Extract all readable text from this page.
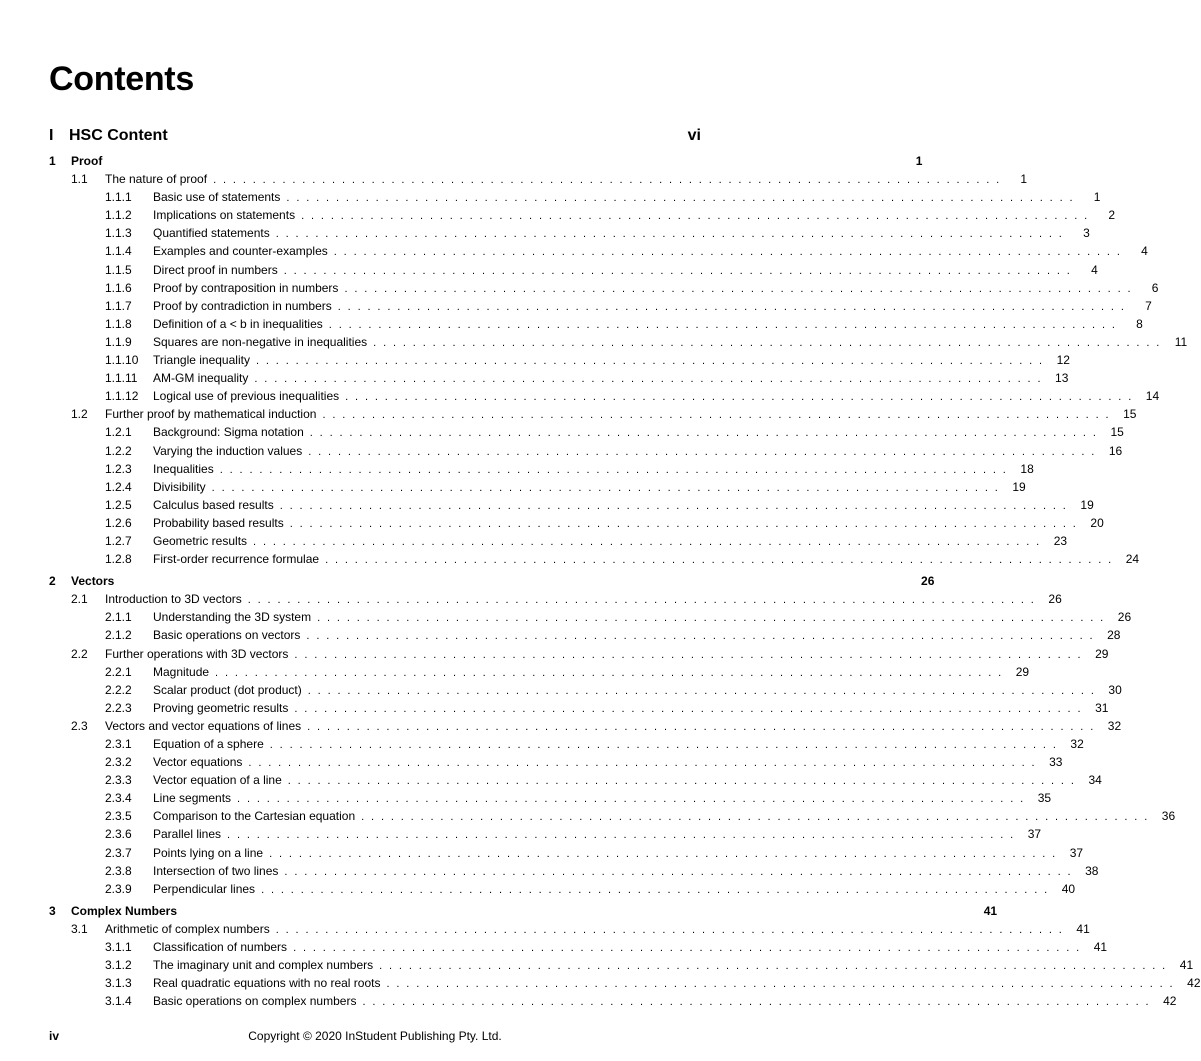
Contents
I HSC Content	vi
1	Proof	1
1.1	The nature of proof . . . . . . . . . . . . . . . . . . . . . . . . . . . . . . . . . . . . . . . . . . . . . . . . . . . . . . . . . . . . . . . . . . . . . . . . . . . . . . . .	1
1.1.1	Basic use of statements . . . . . . . . . . . . . . . . . . . . . . . . . . . . . . . . . . . . . . . . . . . . . . . . . . . . . . . . . . . . . . . . . . . . . . . . . . . . . . . .	1
1.1.2	Implications on statements . . . . . . . . . . . . . . . . . . . . . . . . . . . . . . . . . . . . . . . . . . . . . . . . . . . . . . . . . . . . . . . . . . . . . . . . . . . . . . . .	2
1.1.3	Quantified statements . . . . . . . . . . . . . . . . . . . . . . . . . . . . . . . . . . . . . . . . . . . . . . . . . . . . . . . . . . . . . . . . . . . . . . . . . . . . . . . .	3
1.1.4	Examples and counter-examples . . . . . . . . . . . . . . . . . . . . . . . . . . . . . . . . . . . . . . . . . . . . . . . . . . . . . . . . . . . . . . . . . . . . . . . . . . . . . . . .	4
1.1.5	Direct proof in numbers . . . . . . . . . . . . . . . . . . . . . . . . . . . . . . . . . . . . . . . . . . . . . . . . . . . . . . . . . . . . . . . . . . . . . . . . . . . . . . . .	4
1.1.6	Proof by contraposition in numbers . . . . . . . . . . . . . . . . . . . . . . . . . . . . . . . . . . . . . . . . . . . . . . . . . . . . . . . . . . . . . . . . . . . . . . . . . . . . . . . .	6
1.1.7	Proof by contradiction in numbers . . . . . . . . . . . . . . . . . . . . . . . . . . . . . . . . . . . . . . . . . . . . . . . . . . . . . . . . . . . . . . . . . . . . . . . . . . . . . . . .	7
1.1.8	Definition of a < b in inequalities . . . . . . . . . . . . . . . . . . . . . . . . . . . . . . . . . . . . . . . . . . . . . . . . . . . . . . . . . . . . . . . . . . . . . . . . . . . . . . . .	8
1.1.9	Squares are non-negative in inequalities . . . . . . . . . . . . . . . . . . . . . . . . . . . . . . . . . . . . . . . . . . . . . . . . . . . . . . . . . . . . . . . . . . . . . . . . . . . . . . . .	11
1.1.10	Triangle inequality . . . . . . . . . . . . . . . . . . . . . . . . . . . . . . . . . . . . . . . . . . . . . . . . . . . . . . . . . . . . . . . . . . . . . . . . . . . . . . . .	12
1.1.11	AM-GM inequality . . . . . . . . . . . . . . . . . . . . . . . . . . . . . . . . . . . . . . . . . . . . . . . . . . . . . . . . . . . . . . . . . . . . . . . . . . . . . . . .	13
1.1.12	Logical use of previous inequalities . . . . . . . . . . . . . . . . . . . . . . . . . . . . . . . . . . . . . . . . . . . . . . . . . . . . . . . . . . . . . . . . . . . . . . . . . . . . . . . .	14
1.2	Further proof by mathematical induction . . . . . . . . . . . . . . . . . . . . . . . . . . . . . . . . . . . . . . . . . . . . . . . . . . . . . . . . . . . . . . . . . . . . . . . . . . . . . . . .	15
1.2.1	Background: Sigma notation . . . . . . . . . . . . . . . . . . . . . . . . . . . . . . . . . . . . . . . . . . . . . . . . . . . . . . . . . . . . . . . . . . . . . . . . . . . . . . . .	15
1.2.2	Varying the induction values . . . . . . . . . . . . . . . . . . . . . . . . . . . . . . . . . . . . . . . . . . . . . . . . . . . . . . . . . . . . . . . . . . . . . . . . . . . . . . . .	16
1.2.3	Inequalities . . . . . . . . . . . . . . . . . . . . . . . . . . . . . . . . . . . . . . . . . . . . . . . . . . . . . . . . . . . . . . . . . . . . . . . . . . . . . . . .	18
1.2.4	Divisibility . . . . . . . . . . . . . . . . . . . . . . . . . . . . . . . . . . . . . . . . . . . . . . . . . . . . . . . . . . . . . . . . . . . . . . . . . . . . . . . .	19
1.2.5	Calculus based results . . . . . . . . . . . . . . . . . . . . . . . . . . . . . . . . . . . . . . . . . . . . . . . . . . . . . . . . . . . . . . . . . . . . . . . . . . . . . . . .	19
1.2.6	Probability based results . . . . . . . . . . . . . . . . . . . . . . . . . . . . . . . . . . . . . . . . . . . . . . . . . . . . . . . . . . . . . . . . . . . . . . . . . . . . . . . .	20
1.2.7	Geometric results . . . . . . . . . . . . . . . . . . . . . . . . . . . . . . . . . . . . . . . . . . . . . . . . . . . . . . . . . . . . . . . . . . . . . . . . . . . . . . . .	23
1.2.8	First-order recurrence formulae . . . . . . . . . . . . . . . . . . . . . . . . . . . . . . . . . . . . . . . . . . . . . . . . . . . . . . . . . . . . . . . . . . . . . . . . . . . . . . . .	24
2	Vectors	26
2.1	Introduction to 3D vectors . . . . . . . . . . . . . . . . . . . . . . . . . . . . . . . . . . . . . . . . . . . . . . . . . . . . . . . . . . . . . . . . . . . . . . . . . . . . . . . .	26
2.1.1	Understanding the 3D system . . . . . . . . . . . . . . . . . . . . . . . . . . . . . . . . . . . . . . . . . . . . . . . . . . . . . . . . . . . . . . . . . . . . . . . . . . . . . . . .	26
2.1.2	Basic operations on vectors . . . . . . . . . . . . . . . . . . . . . . . . . . . . . . . . . . . . . . . . . . . . . . . . . . . . . . . . . . . . . . . . . . . . . . . . . . . . . . . .	28
2.2	Further operations with 3D vectors . . . . . . . . . . . . . . . . . . . . . . . . . . . . . . . . . . . . . . . . . . . . . . . . . . . . . . . . . . . . . . . . . . . . . . . . . . . . . . . .	29
2.2.1	Magnitude . . . . . . . . . . . . . . . . . . . . . . . . . . . . . . . . . . . . . . . . . . . . . . . . . . . . . . . . . . . . . . . . . . . . . . . . . . . . . . . .	29
2.2.2	Scalar product (dot product) . . . . . . . . . . . . . . . . . . . . . . . . . . . . . . . . . . . . . . . . . . . . . . . . . . . . . . . . . . . . . . . . . . . . . . . . . . . . . . . .	30
2.2.3	Proving geometric results . . . . . . . . . . . . . . . . . . . . . . . . . . . . . . . . . . . . . . . . . . . . . . . . . . . . . . . . . . . . . . . . . . . . . . . . . . . . . . . .	31
2.3	Vectors and vector equations of lines . . . . . . . . . . . . . . . . . . . . . . . . . . . . . . . . . . . . . . . . . . . . . . . . . . . . . . . . . . . . . . . . . . . . . . . . . . . . . . . .	32
2.3.1	Equation of a sphere . . . . . . . . . . . . . . . . . . . . . . . . . . . . . . . . . . . . . . . . . . . . . . . . . . . . . . . . . . . . . . . . . . . . . . . . . . . . . . . .	32
2.3.2	Vector equations . . . . . . . . . . . . . . . . . . . . . . . . . . . . . . . . . . . . . . . . . . . . . . . . . . . . . . . . . . . . . . . . . . . . . . . . . . . . . . . .	33
2.3.3	Vector equation of a line . . . . . . . . . . . . . . . . . . . . . . . . . . . . . . . . . . . . . . . . . . . . . . . . . . . . . . . . . . . . . . . . . . . . . . . . . . . . . . . .	34
2.3.4	Line segments . . . . . . . . . . . . . . . . . . . . . . . . . . . . . . . . . . . . . . . . . . . . . . . . . . . . . . . . . . . . . . . . . . . . . . . . . . . . . . . .	35
2.3.5	Comparison to the Cartesian equation . . . . . . . . . . . . . . . . . . . . . . . . . . . . . . . . . . . . . . . . . . . . . . . . . . . . . . . . . . . . . . . . . . . . . . . . . . . . . . . .	36
2.3.6	Parallel lines . . . . . . . . . . . . . . . . . . . . . . . . . . . . . . . . . . . . . . . . . . . . . . . . . . . . . . . . . . . . . . . . . . . . . . . . . . . . . . . .	37
2.3.7	Points lying on a line . . . . . . . . . . . . . . . . . . . . . . . . . . . . . . . . . . . . . . . . . . . . . . . . . . . . . . . . . . . . . . . . . . . . . . . . . . . . . . . .	37
2.3.8	Intersection of two lines . . . . . . . . . . . . . . . . . . . . . . . . . . . . . . . . . . . . . . . . . . . . . . . . . . . . . . . . . . . . . . . . . . . . . . . . . . . . . . . .	38
2.3.9	Perpendicular lines . . . . . . . . . . . . . . . . . . . . . . . . . . . . . . . . . . . . . . . . . . . . . . . . . . . . . . . . . . . . . . . . . . . . . . . . . . . . . . . .	40
3	Complex Numbers	41
3.1	Arithmetic of complex numbers . . . . . . . . . . . . . . . . . . . . . . . . . . . . . . . . . . . . . . . . . . . . . . . . . . . . . . . . . . . . . . . . . . . . . . . . . . . . . . . .	41
3.1.1	Classification of numbers . . . . . . . . . . . . . . . . . . . . . . . . . . . . . . . . . . . . . . . . . . . . . . . . . . . . . . . . . . . . . . . . . . . . . . . . . . . . . . . .	41
3.1.2	The imaginary unit and complex numbers . . . . . . . . . . . . . . . . . . . . . . . . . . . . . . . . . . . . . . . . . . . . . . . . . . . . . . . . . . . . . . . . . . . . . . . . . . . . . . . .	41
3.1.3	Real quadratic equations with no real roots . . . . . . . . . . . . . . . . . . . . . . . . . . . . . . . . . . . . . . . . . . . . . . . . . . . . . . . . . . . . . . . . . . . . . . . . . . . . . . . .	42
3.1.4	Basic operations on complex numbers . . . . . . . . . . . . . . . . . . . . . . . . . . . . . . . . . . . . . . . . . . . . . . . . . . . . . . . . . . . . . . . . . . . . . . . . . . . . . . . .	42
iv	Copyright © 2020 InStudent Publishing Pty. Ltd.
